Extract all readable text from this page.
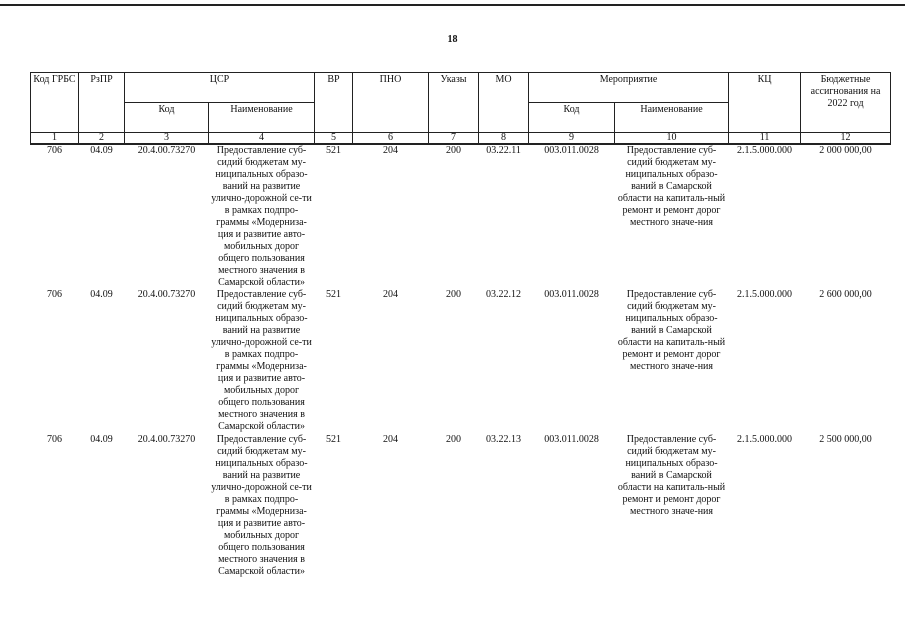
18
Код ГРБС	РзПР	ЦСР		ВР	ПНО	Указы	МО	Мероприятие		КЦ	Бюджетные ассигнования на 2022 год
		Код	Наименование					Код	Наименование		
1	2	3	4	5	6	7	8	9	10	11	12
706	04.09	20.4.00.73270	Предоставление суб-сидий бюджетам му-ниципальных образо-ваний на развитие улично-дорожной се-ти в рамках подпро-граммы «Модерниза-ция и развитие авто-мобильных дорог общего пользования местного значения в Самарской области»	521	204	200	03.22.11	003.011.0028	Предоставление суб-сидий бюджетам му-ниципальных образо-ваний в Самарской области на капиталь-ный ремонт и ремонт дорог местного значе-ния	2.1.5.000.000	2 000 000,00
706	04.09	20.4.00.73270	Предоставление суб-сидий бюджетам му-ниципальных образо-ваний на развитие улично-дорожной се-ти в рамках подпро-граммы «Модерниза-ция и развитие авто-мобильных дорог общего пользования местного значения в Самарской области»	521	204	200	03.22.12	003.011.0028	Предоставление суб-сидий бюджетам му-ниципальных образо-ваний в Самарской области на капиталь-ный ремонт и ремонт дорог местного значе-ния	2.1.5.000.000	2 600 000,00
706	04.09	20.4.00.73270	Предоставление суб-сидий бюджетам му-ниципальных образо-ваний на развитие улично-дорожной се-ти в рамках подпро-граммы «Модерниза-ция и развитие авто-мобильных дорог общего пользования местного значения в Самарской области»	521	204	200	03.22.13	003.011.0028	Предоставление суб-сидий бюджетам му-ниципальных образо-ваний в Самарской области на капиталь-ный ремонт и ремонт дорог местного значе-ния	2.1.5.000.000	2 500 000,00
